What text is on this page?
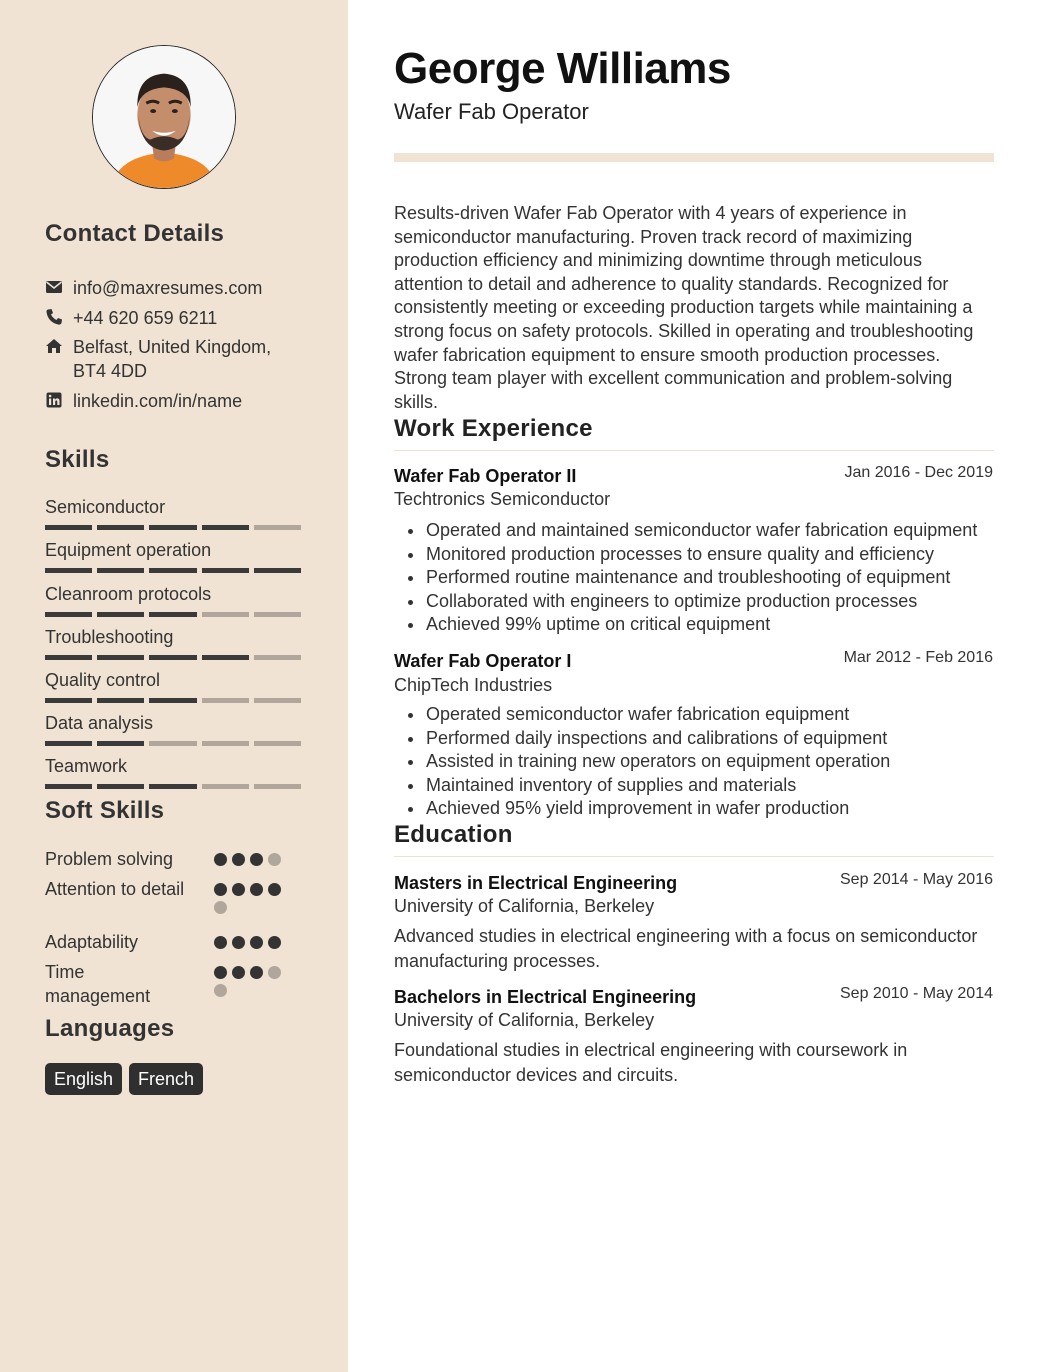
Contact Details
info@maxresumes.com
+44 620 659 6211
Belfast, United Kingdom,
BT4 4DD
linkedin.com/in/name
Skills
Semiconductor
Equipment operation
Cleanroom protocols
Troubleshooting
Quality control
Data analysis
Teamwork
Soft Skills
Problem solving
Attention to detail
Adaptability
Time management
Languages
English	French
George Williams
Wafer Fab Operator

Results-driven Wafer Fab Operator with 4 years of experience in semiconductor manufacturing. Proven track record of maximizing production efficiency and minimizing downtime through meticulous attention to detail and adherence to quality standards. Recognized for consistently meeting or exceeding production targets while maintaining a strong focus on safety protocols. Skilled in operating and troubleshooting wafer fabrication equipment to ensure smooth production processes. Strong team player with excellent communication and problem-solving skills.

Work Experience
Wafer Fab Operator II	Jan 2016 - Dec 2019
Techtronics Semiconductor
Operated and maintained semiconductor wafer fabrication equipment
Monitored production processes to ensure quality and efficiency
Performed routine maintenance and troubleshooting of equipment
Collaborated with engineers to optimize production processes
Achieved 99% uptime on critical equipment
Wafer Fab Operator I	Mar 2012 - Feb 2016
ChipTech Industries
Operated semiconductor wafer fabrication equipment
Performed daily inspections and calibrations of equipment
Assisted in training new operators on equipment operation
Maintained inventory of supplies and materials
Achieved 95% yield improvement in wafer production
Education
Masters in Electrical Engineering	Sep 2014 - May 2016
University of California, Berkeley

Advanced studies in electrical engineering with a focus on semiconductor manufacturing processes.

Bachelors in Electrical Engineering	Sep 2010 - May 2014
University of California, Berkeley

Foundational studies in electrical engineering with coursework in semiconductor devices and circuits.
